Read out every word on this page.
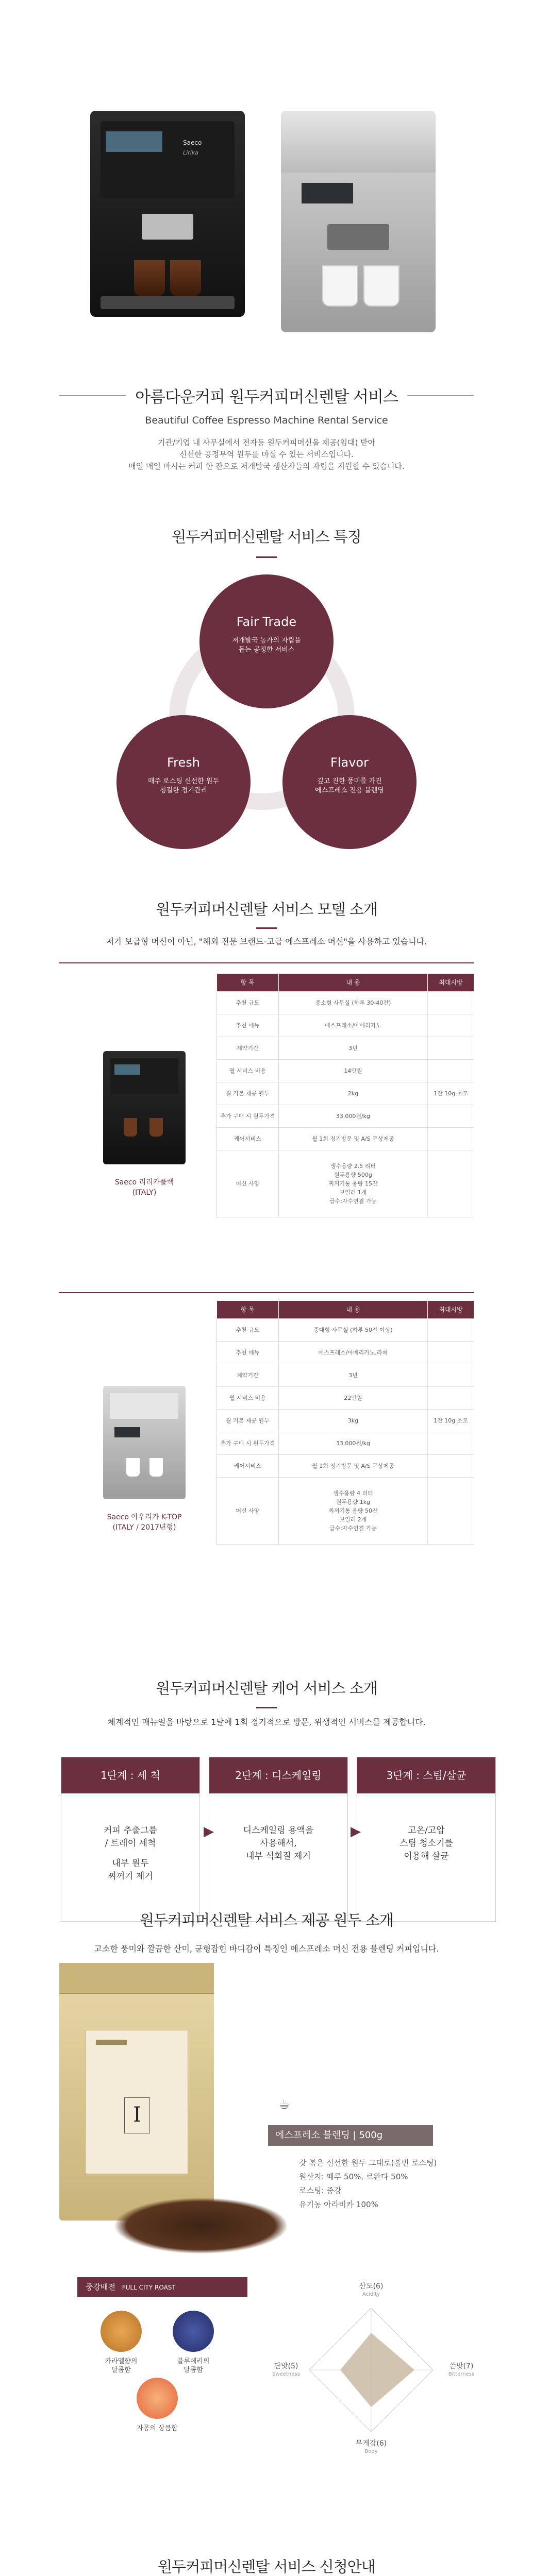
Saeco
Lirika
아름다운커피 원두커피머신렌탈 서비스
Beautiful Coffee Espresso Machine Rental Service
기관/기업 내 사무실에서 전자동 원두커피머신을 제공(임대) 받아
신선한 공정무역 원두를 마실 수 있는 서비스입니다.
매일 매일 마시는 커피 한 잔으로 저개발국 생산자들의 자립을 지원할 수 있습니다.
원두커피머신렌탈 서비스 특징
Fair Trade
저개발국 농가의 자립을
돕는 공정한 서비스
Fresh
매주 로스팅 신선한 원두
청결한 정기관리
Flavor
깊고 진한 풍미를 가진
에스프레소 전용 블렌딩
원두커피머신렌탈 서비스 모델 소개
저가 보급형 머신이 아닌, "해외 전문 브랜드-고급 에스프레소 머신"을 사용하고 있습니다.
Saeco 리리카플랙
(ITALY)
항 목	내 용	최대시방
추천 규모	중소형 사무실 (하루 30-40잔)	
추천 메뉴	에스프레소/아메리카노	
계약기간	3년	
월 서비스 비용	14만원	
월 기본 제공 원두	2kg	1잔 10g 소모
추가 구매 시 원두가격	33,000원/kg	
케어서비스	월 1회 정기방문 및 A/S 무상제공	
머신 사양	생수용량 2.5 리터
원두용량 500g
찌꺼기통 용량 15잔
보일러 1개
급수:자수연결 가능	

Saeco 아우리카 K-TOP
(ITALY / 2017년형)
항 목	내 용	최대시방
추천 규모	중대형 사무실 (하루 50잔 이상)	
추천 메뉴	에스프레소/아메리카노,라떼	
계약기간	3년	
월 서비스 비용	22만원	
월 기본 제공 원두	3kg	1잔 10g 소모
추가 구매 시 원두가격	33,000원/kg	
케어서비스	월 1회 정기방문 및 A/S 무상제공	
머신 사양	생수용량 4 리터
원두용량 1kg
찌꺼기통 용량 50잔
보일러 2개
급수:자수연결 가능	

원두커피머신렌탈 케어 서비스 소개
체계적인 매뉴얼을 바탕으로 1달에 1회 정기적으로 방문, 위생적인 서비스를 제공합니다.
1단계 : 세 척
커피 추출그룹
/ 트레이 세척
내부 원두
찌꺼기 제거
▶
2단계 : 디스케일링
디스케일링 용액을
사용해서,
내부 석회질 제거
▶
3단계 : 스팀/살균
고온/고압
스팀 청소기를
이용해 살균
원두커피머신렌탈 서비스 제공 원두 소개
고소한 풍미와 깔끔한 산미, 균형잡힌 바디감이 특징인 에스프레소 머신 전용 블렌딩 커피입니다.
I	☕
에스프레소 블렌딩 | 500g
갓 볶은 신선한 원두 그대로(홀빈 로스팅)
원산지: 페루 50%, 르완다 50%
로스팅: 중강
유기농 아라비카 100%
중강배전 FULL CITY ROAST
카라멜향의
달콤함
블루베리의
달콤함
자몽의 상큼함
산도(6)
Acidity
단맛(5)
Sweetness
쓴맛(7)
Bitterness
무게감(6)
Body
원두커피머신렌탈 서비스 신청안내
